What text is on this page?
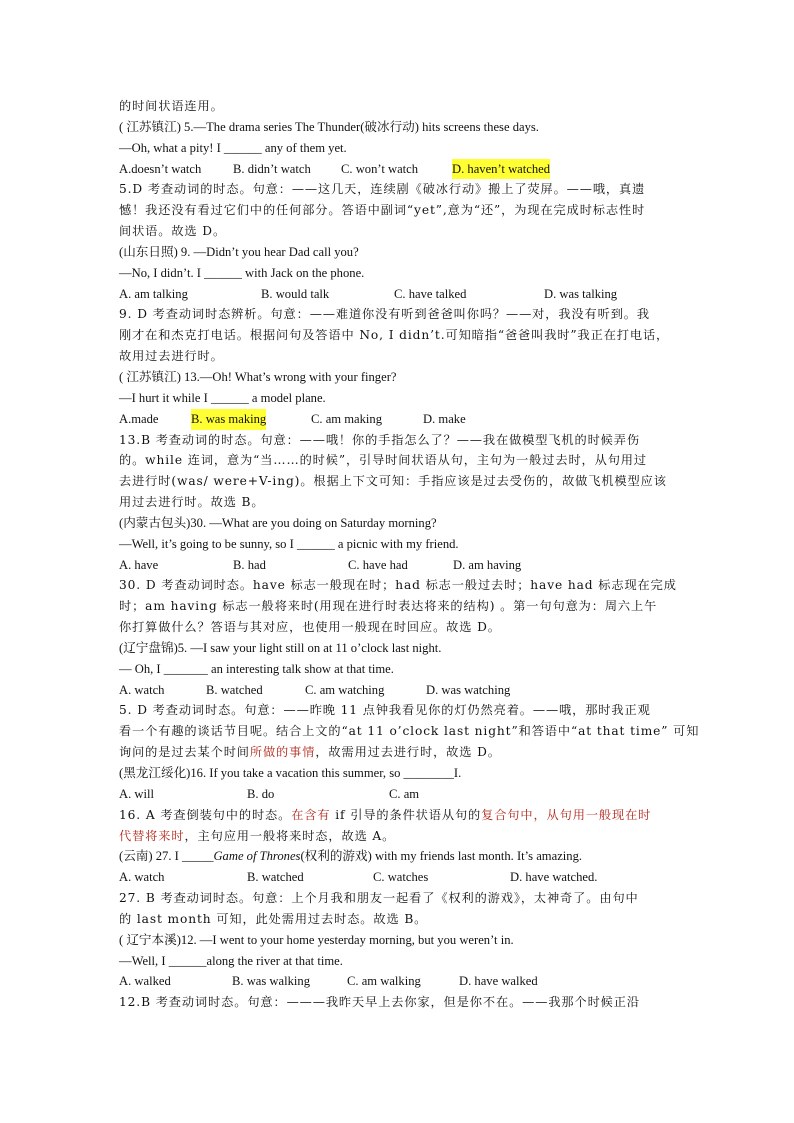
的时间状语连用。
( 江苏镇江) 5.—The drama series The Thunder(破冰行动) hits screens these days.
—Oh, what a pity! I ______ any of them yet.
A.doesn’t watch	B. didn’t watch C. won’t watch	D. haven’t watched
5.D 考查动词的时态。句意：——这几天，连续剧《破冰行动》搬上了荧屏。——哦，真遗
憾！我还没有看过它们中的任何部分。答语中副词“yet”,意为“还”，为现在完成时标志性时
间状语。故选 D。
(山东日照) 9. —Didn’t you hear Dad call you?
—No, I didn’t. I ______ with Jack on the phone.
A. am talking	B. would talk	C. have talked	D. was talking
9. D 考查动词时态辨析。句意：——难道你没有听到爸爸叫你吗？——对，我没有听到。我
刚才在和杰克打电话。根据问句及答语中 No, I didn’t.可知暗指“爸爸叫我时”我正在打电话，
故用过去进行时。
( 江苏镇江) 13.—Oh! What’s wrong with your finger?
—I hurt it while I ______ a model plane.
A.made	B. was making	C. am making	D. make
13.B 考查动词的时态。句意：——哦！你的手指怎么了？——我在做模型飞机的时候弄伤
的。while 连词，意为“当……的时候”，引导时间状语从句，主句为一般过去时，从句用过
去进行时(was/ were+V-ing)。根据上下文可知：手指应该是过去受伤的，故做飞机模型应该
用过去进行时。故选 B。
(内蒙古包头)30. —What are you doing on Saturday morning?
—Well, it’s going to be sunny, so I ______ a picnic with my friend.
A. have	B. had	C. have had	D. am having
30. D 考查动词时态。have 标志一般现在时；had 标志一般过去时；have had 标志现在完成
时；am having 标志一般将来时(用现在进行时表达将来的结构) 。第一句句意为：周六上午
你打算做什么？答语与其对应，也使用一般现在时回应。故选 D。
(辽宁盘锦)5. —I saw your light still on at 11 o’clock last night.
— Oh, I _______ an interesting talk show at that time.
A. watch	B. watched	C. am watching	D. was watching
5. D 考查动词时态。句意：——昨晚 11 点钟我看见你的灯仍然亮着。——哦，那时我正观
看一个有趣的谈话节目呢。结合上文的“at 11 o’clock last night”和答语中“at that time” 可知
询问的是过去某个时间所做的事情，故需用过去进行时，故选 D。
(黑龙江绥化)16. If you take a vacation this summer, so ________I.
A. will	B. do	C. am
16. A 考查倒装句中的时态。在含有 if 引导的条件状语从句的复合句中，从句用一般现在时
代替将来时，主句应用一般将来时态，故选 A。
(云南) 27. I _____Game of Thrones(权利的游戏) with my friends last month. It’s amazing.
A. watch	B. watched	C. watches	D. have watched.
27. B 考查动词时态。句意：上个月我和朋友一起看了《权利的游戏》，太神奇了。由句中
的 last month 可知，此处需用过去时态。故选 B。
( 辽宁本溪)12. —I went to your home yesterday morning, but you weren’t in.
—Well, I ______along the river at that time.
A. walked	B. was walking	C. am walking	D. have walked
12.B 考查动词时态。句意：———我昨天早上去你家，但是你不在。——我那个时候正沿
